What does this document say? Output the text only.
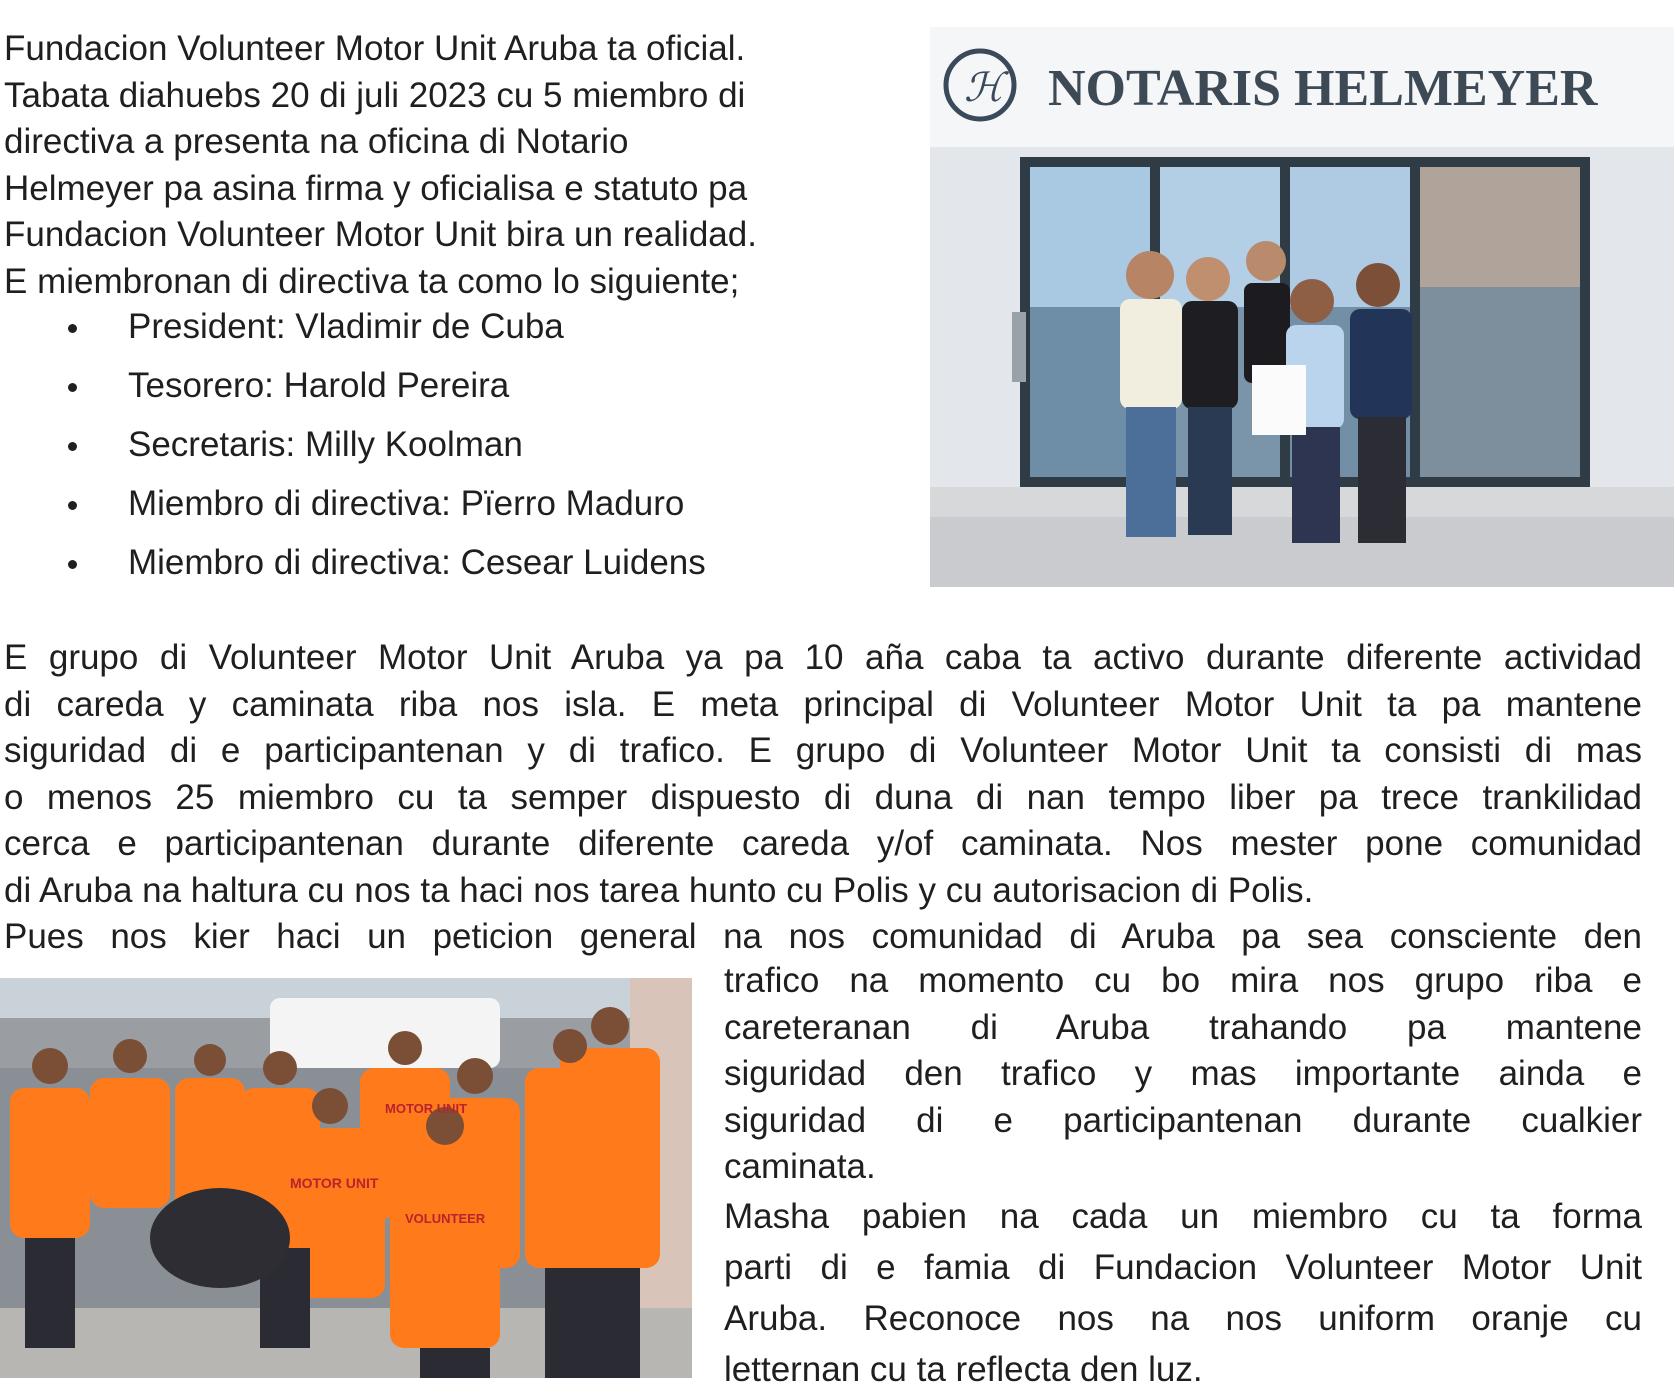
Fundacion Volunteer Motor Unit Aruba ta oficial.
Tabata diahuebs 20 di juli 2023 cu 5 miembro di
directiva a presenta na oficina di Notario
Helmeyer pa asina firma y oficialisa e statuto pa
Fundacion Volunteer Motor Unit bira un realidad.
E miembronan di directiva ta como lo siguiente;
President: Vladimir de Cuba
Tesorero: Harold Pereira
Secretaris: Milly Koolman
Miembro di directiva: Pïerro Maduro
Miembro di directiva: Cesear Luidens
ℋ NOTARIS HELMEYER
E grupo di Volunteer Motor Unit Aruba ya pa 10 aña caba ta activo durante diferente actividad
di careda y caminata riba nos isla. E meta principal di Volunteer Motor Unit ta pa mantene
siguridad di e participantenan y di trafico. E grupo di Volunteer Motor Unit ta consisti di mas
o menos 25 miembro cu ta semper dispuesto di duna di nan tempo liber pa trece trankilidad
cerca e participantenan durante diferente careda y/of caminata. Nos mester pone comunidad
di Aruba na haltura cu nos ta haci nos tarea hunto cu Polis y cu autorisacion di Polis.
Pues nos kier haci un peticion general na nos comunidad di Aruba pa sea consciente den
MOTOR UNIT
VOLUNTEER
MOTOR UNIT
trafico na momento cu bo mira nos grupo riba e
careteranan di Aruba trahando pa mantene
siguridad den trafico y mas importante ainda e
siguridad di e participantenan durante cualkier
caminata.
Masha pabien na cada un miembro cu ta forma
parti di e famia di Fundacion Volunteer Motor Unit
Aruba. Reconoce nos na nos uniform oranje cu
letternan cu ta reflecta den luz.
